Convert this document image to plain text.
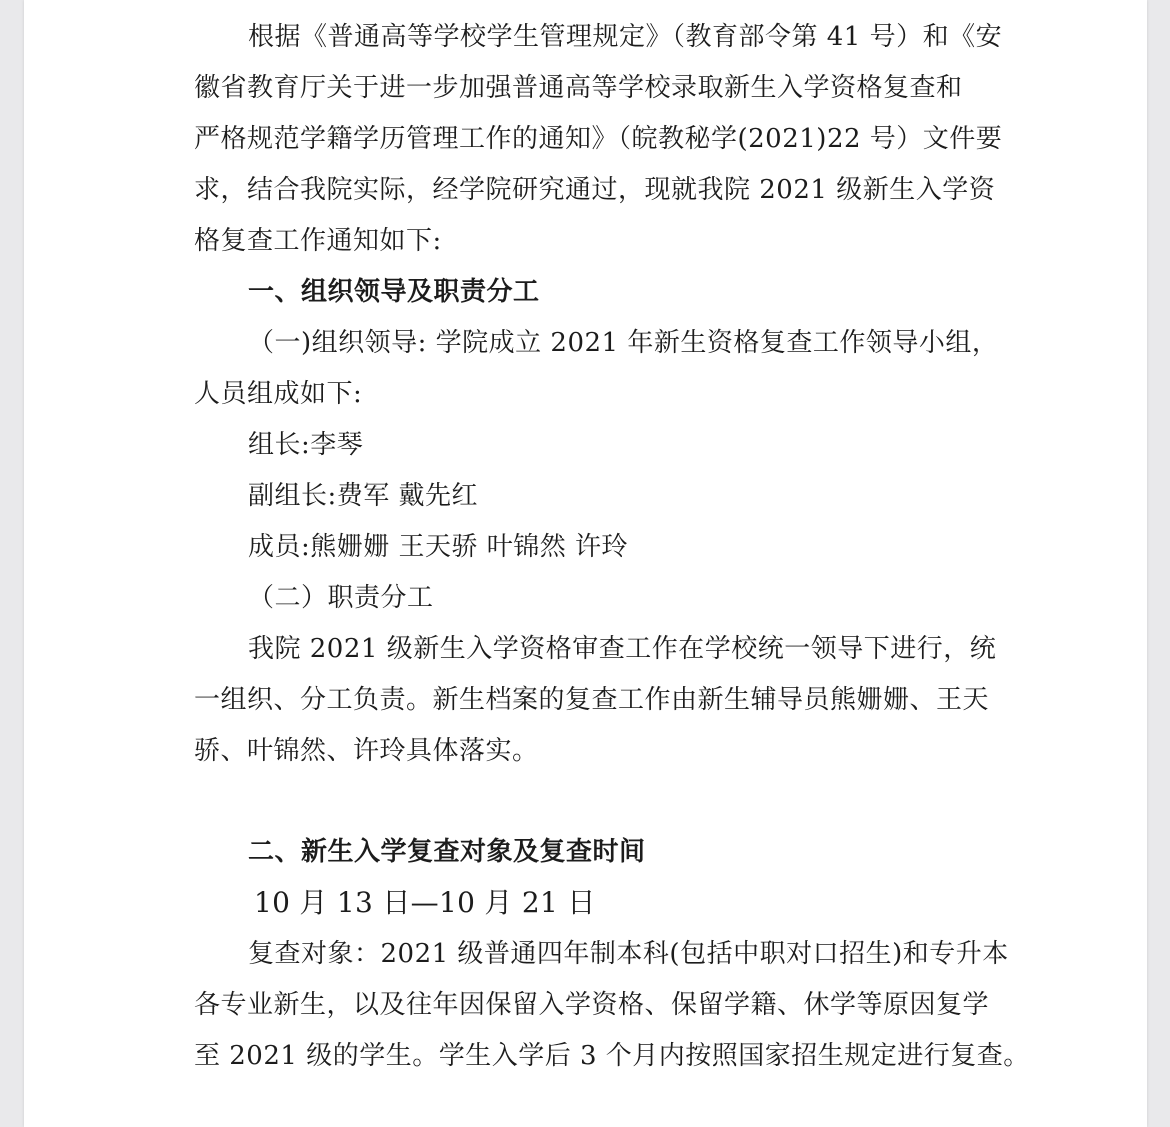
根据《普通高等学校学生管理规定》（教育部令第 41 号）和《安
徽省教育厅关于进一步加强普通高等学校录取新生入学资格复查和
严格规范学籍学历管理工作的通知》（皖教秘学(2021)22 号）文件要
求，结合我院实际，经学院研究通过，现就我院 2021 级新生入学资
格复查工作通知如下:
一、组织领导及职责分工
（一)组织领导: 学院成立 2021 年新生资格复查工作领导小组，
人员组成如下:
组长:李琴
副组长:费军 戴先红
成员:熊姗姗 王天骄 叶锦然 许玲
（二）职责分工
我院 2021 级新生入学资格审查工作在学校统一领导下进行，统
一组织、分工负责。新生档案的复查工作由新生辅导员熊姗姗、王天
骄、叶锦然、许玲具体落实。
二、新生入学复查对象及复查时间
10 月 13 日—10 月 21 日
复查对象：2021 级普通四年制本科(包括中职对口招生)和专升本
各专业新生，以及往年因保留入学资格、保留学籍、休学等原因复学
至 2021 级的学生。学生入学后 3 个月内按照国家招生规定进行复查。
